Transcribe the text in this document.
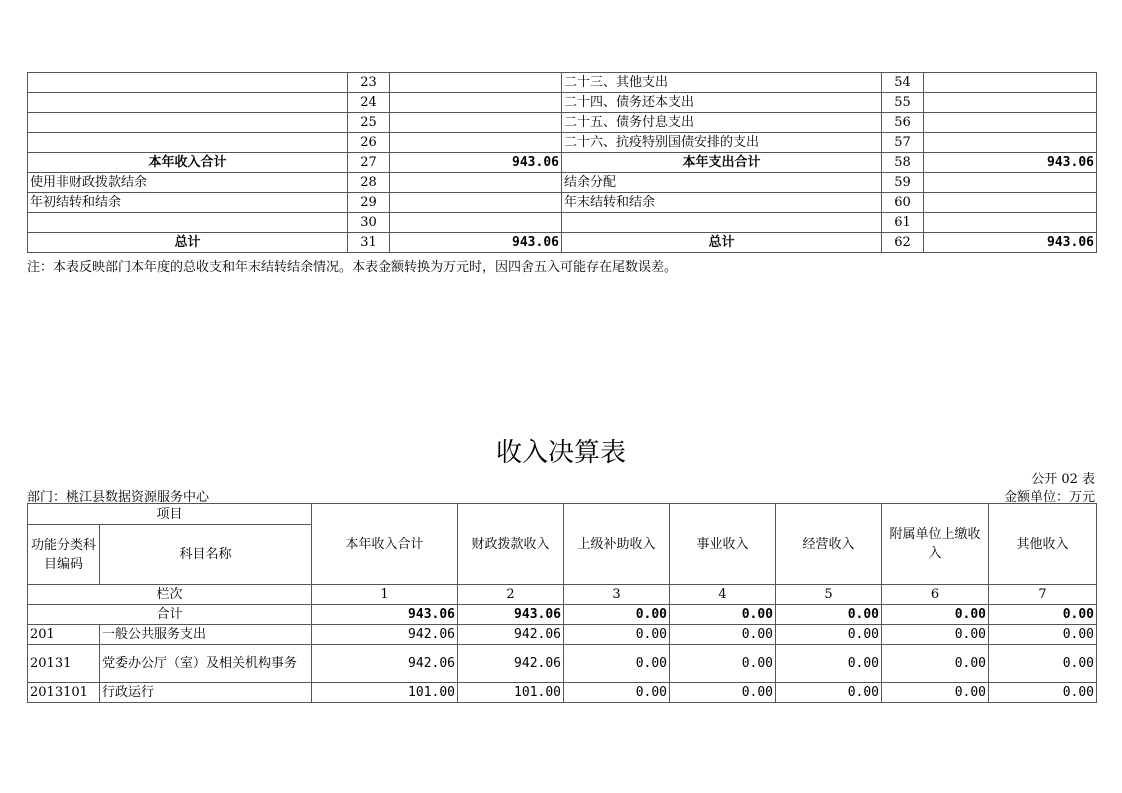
	23		二十三、其他支出	54	
	24		二十四、债务还本支出	55	
	25		二十五、债务付息支出	56	
	26		二十六、抗疫特别国债安排的支出	57	
本年收入合计	27	943.06	本年支出合计	58	943.06
使用非财政拨款结余	28		结余分配	59	
年初结转和结余	29		年末结转和结余	60	
	30			61	
总计	31	943.06	总计	62	943.06
注：本表反映部门本年度的总收支和年末结转结余情况。本表金额转换为万元时，因四舍五入可能存在尾数误差。
收入决算表
公开 02 表
部门：桃江县数据资源服务中心	金额单位：万元
项目		本年收入合计	财政拨款收入	上级补助收入	事业收入	经营收入	附属单位上缴收入	其他收入
功能分类科目编码	科目名称							
栏次		1	2	3	4	5	6	7
合计		943.06	943.06	0.00	0.00	0.00	0.00	0.00
201	一般公共服务支出	942.06	942.06	0.00	0.00	0.00	0.00	0.00
20131	党委办公厅（室）及相关机构事务	942.06	942.06	0.00	0.00	0.00	0.00	0.00
2013101	行政运行	101.00	101.00	0.00	0.00	0.00	0.00	0.00
